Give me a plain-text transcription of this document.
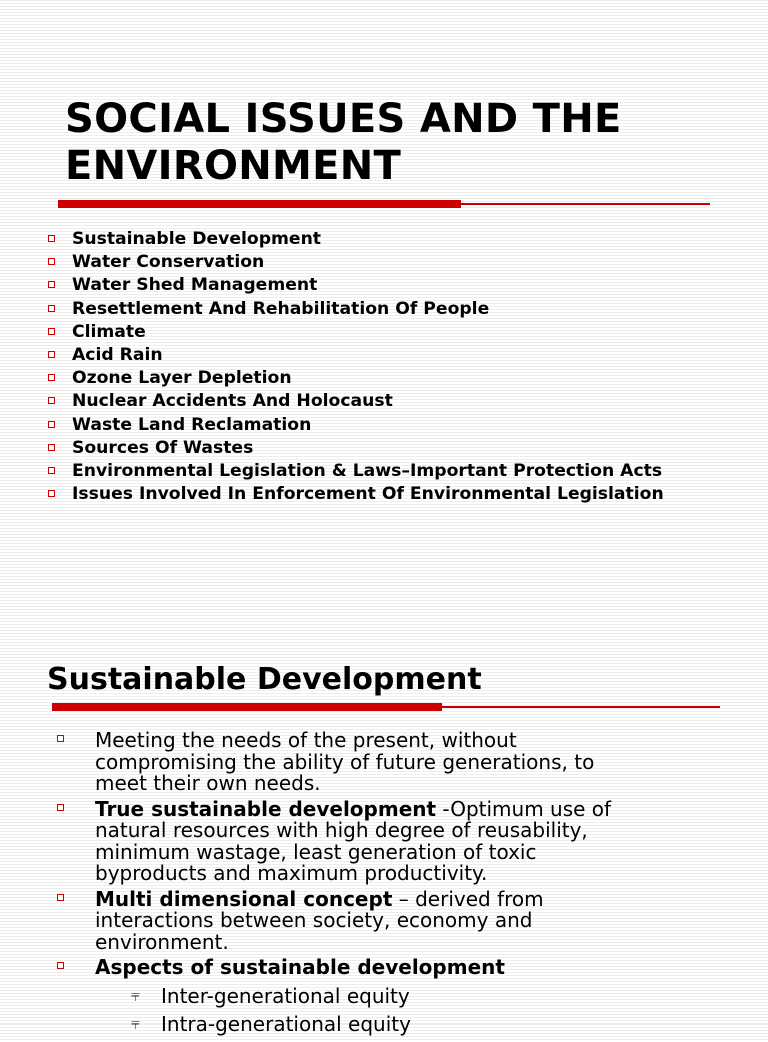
SOCIAL ISSUES AND THE
ENVIRONMENT
Sustainable Development
Water Conservation
Water Shed Management
Resettlement And Rehabilitation Of People
Climate
Acid Rain
Ozone Layer Depletion
Nuclear Accidents And Holocaust
Waste Land Reclamation
Sources Of Wastes
Environmental Legislation & Laws–Important Protection Acts
Issues Involved In Enforcement Of Environmental Legislation
Sustainable Development
Meeting the needs of the present, without
compromising the ability of future generations, to
meet their own needs.
True sustainable development -Optimum use of
natural resources with high degree of reusability,
minimum wastage, least generation of toxic
byproducts and maximum productivity.
Multi dimensional concept – derived from
interactions between society, economy and
environment.
Aspects of sustainable development
⫧ Inter-generational equity
⫧ Intra-generational equity
